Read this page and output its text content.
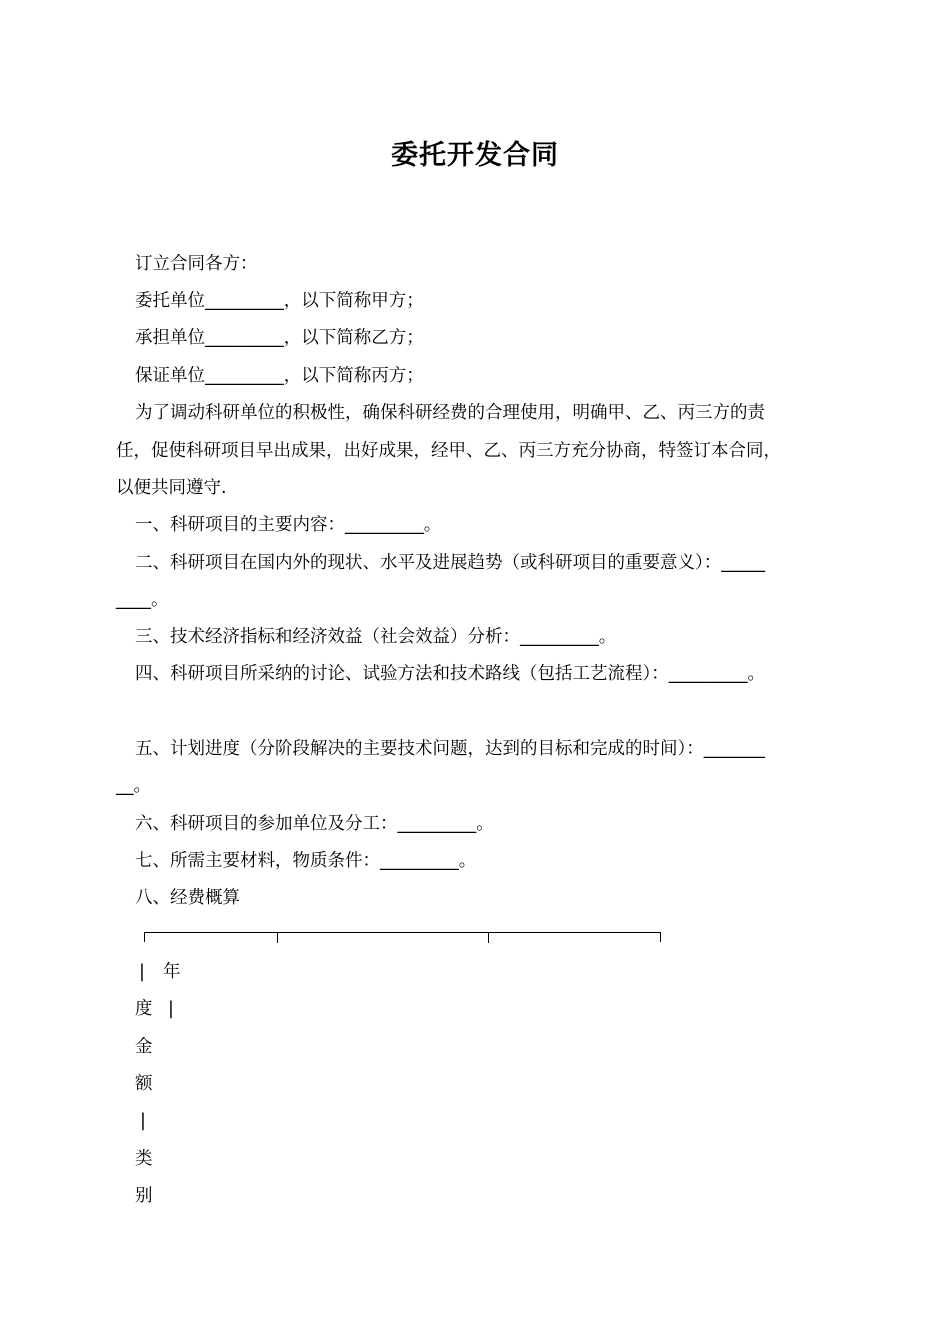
委托开发合同
订立合同各方：
委托单位_________，以下简称甲方；
承担单位_________，以下简称乙方；
保证单位_________，以下简称丙方；
为了调动科研单位的积极性，确保科研经费的合理使用，明确甲、乙、丙三方的责
任，促使科研项目早出成果，出好成果，经甲、乙、丙三方充分协商，特签订本合同，
以便共同遵守.
一、科研项目的主要内容：_________。
二、科研项目在国内外的现状、水平及进展趋势（或科研项目的重要意义）：_____
____。
三、技术经济指标和经济效益（社会效益）分析：_________。
四、科研项目所采纳的讨论、试验方法和技术路线（包括工艺流程）：_________。
五、计划进度（分阶段解决的主要技术问题，达到的目标和完成的时间）：_______
__。
六、科研项目的参加单位及分工：_________。
七、所需主要材料，物质条件：_________。
八、经费概算
| 年
度 |
金
额
|
类
别
